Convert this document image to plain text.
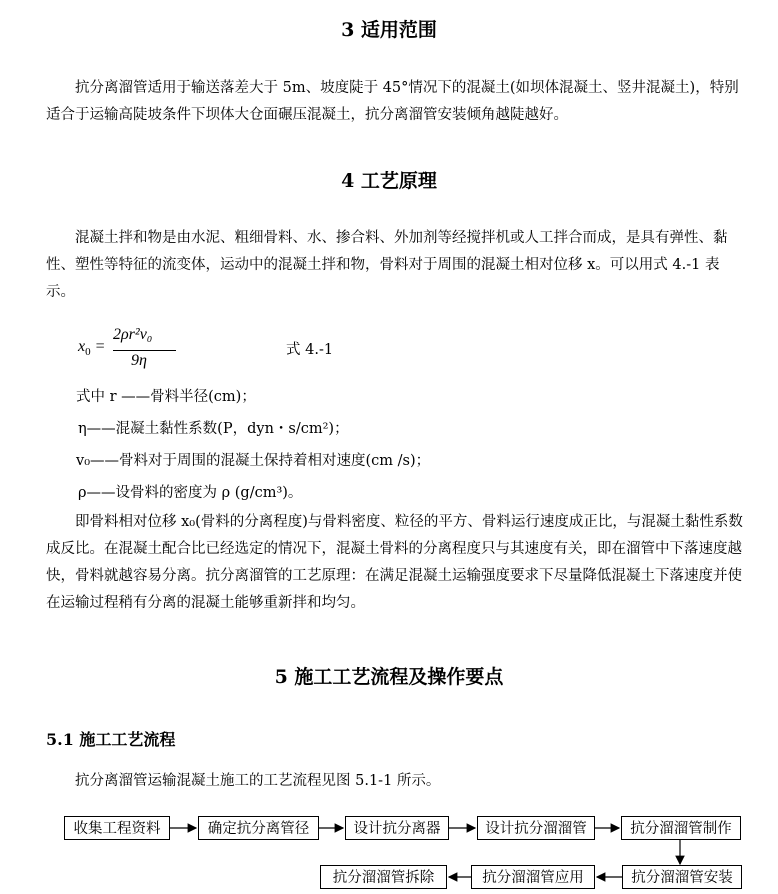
3 适用范围

抗分离溜管适用于输送落差大于 5m、坡度陡于 45°情况下的混凝土(如坝体混凝土、竖井混凝土)，特别适合于运输高陡坡条件下坝体大仓面碾压混凝土，抗分离溜管安装倾角越陡越好。

4 工艺原理

混凝土拌和物是由水泥、粗细骨料、水、掺合料、外加剂等经搅拌机或人工拌合而成，是具有弹性、黏性、塑性等特征的流变体，运动中的混凝土拌和物，骨料对于周围的混凝土相对位移 x。可以用式 4.-1 表示。

$x_0$ =
2ρr²v₀
9η
式 4.-1

式中 r ——骨料半径(cm)；

η——混凝土黏性系数(P，dyn・s/cm²)；

v₀——骨料对于周围的混凝土保持着相对速度(cm /s)；

ρ——设骨料的密度为 ρ (g/cm³)。

即骨料相对位移 x₀(骨料的分离程度)与骨料密度、粒径的平方、骨料运行速度成正比，与混凝土黏性系数成反比。在混凝土配合比已经选定的情况下，混凝土骨料的分离程度只与其速度有关，即在溜管中下落速度越快，骨料就越容易分离。抗分离溜管的工艺原理：在满足混凝土运输强度要求下尽量降低混凝土下落速度并使在运输过程稍有分离的混凝土能够重新拌和均匀。

5 施工工艺流程及操作要点
5.1 施工工艺流程

抗分离溜管运输混凝土施工的工艺流程见图 5.1-1 所示。

收集工程资料	确定抗分离管径	设计抗分离器	设计抗分溜溜管	抗分溜溜管制作
抗分溜溜管安装
抗分溜溜管应用
抗分溜溜管拆除
